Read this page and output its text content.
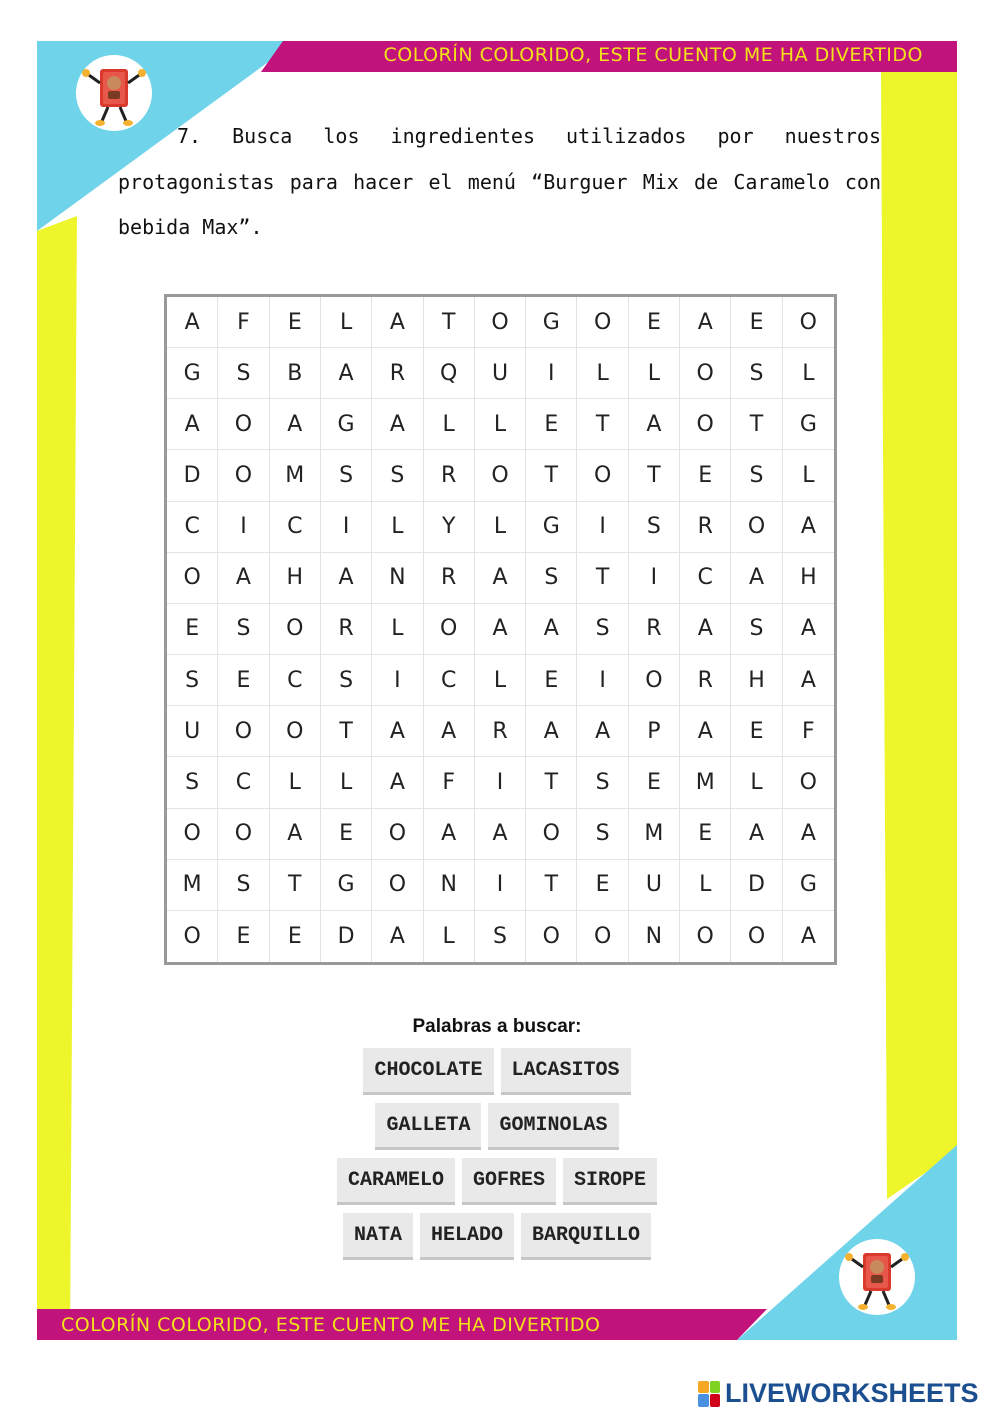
COLORÍN COLORIDO, ESTE CUENTO ME HA DIVERTIDO
COLORÍN COLORIDO, ESTE CUENTO ME HA DIVERTIDO

7. Busca los ingredientes utilizados por nuestros protagonistas para hacer el menú “Burguer Mix de Caramelo con bebida Max”.

A	F	E	L	A	T	O	G	O	E	A	E	O
G	S	B	A	R	Q	U	I	L	L	O	S	L
A	O	A	G	A	L	L	E	T	A	O	T	G
D	O	M	S	S	R	O	T	O	T	E	S	L
C	I	C	I	L	Y	L	G	I	S	R	O	A
O	A	H	A	N	R	A	S	T	I	C	A	H
E	S	O	R	L	O	A	A	S	R	A	S	A
S	E	C	S	I	C	L	E	I	O	R	H	A
U	O	O	T	A	A	R	A	A	P	A	E	F
S	C	L	L	A	F	I	T	S	E	M	L	O
O	O	A	E	O	A	A	O	S	M	E	A	A
M	S	T	G	O	N	I	T	E	U	L	D	G
O	E	E	D	A	L	S	O	O	N	O	O	A

Palabras a buscar:

CHOCOLATE	LACASITOS
GALLETA	GOMINOLAS
CARAMELO	GOFRES	SIROPE
NATA	HELADO	BARQUILLO
LIVEWORKSHEETS
